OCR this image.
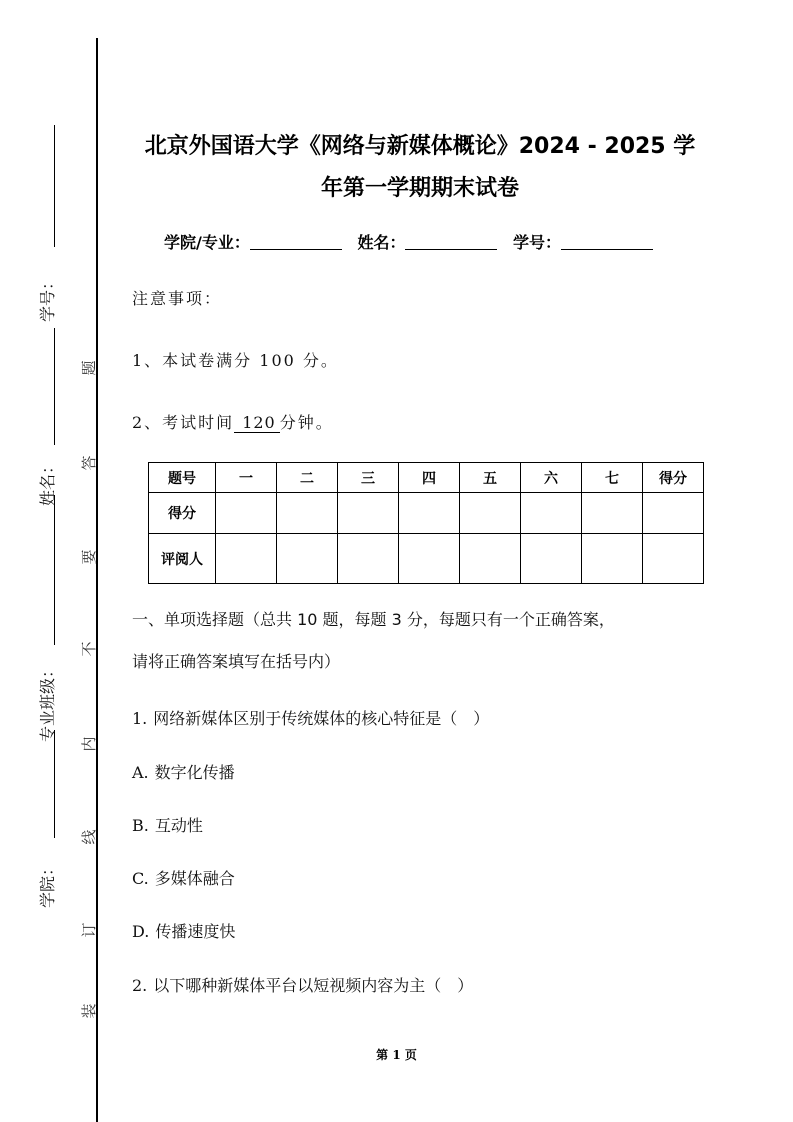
学号：
姓名：
专业班级：
学院：
题
答
要
不
内
线
订
装
北京外国语大学《网络与新媒体概论》2024 - 2025 学
年第一学期期末试卷
学院/专业：	姓名：	学号：
注意事项：
1、本试卷满分 100 分。
2、考试时间 120 分钟。
题号	一	二	三	四	五	六	七	得分
得分								
评阅人								
一、单项选择题（总共 10 题，每题 3 分，每题只有一个正确答案，
请将正确答案填写在括号内）
1. 网络新媒体区别于传统媒体的核心特征是（　）
A. 数字化传播
B. 互动性
C. 多媒体融合
D. 传播速度快
2. 以下哪种新媒体平台以短视频内容为主（　）
第 1 页
